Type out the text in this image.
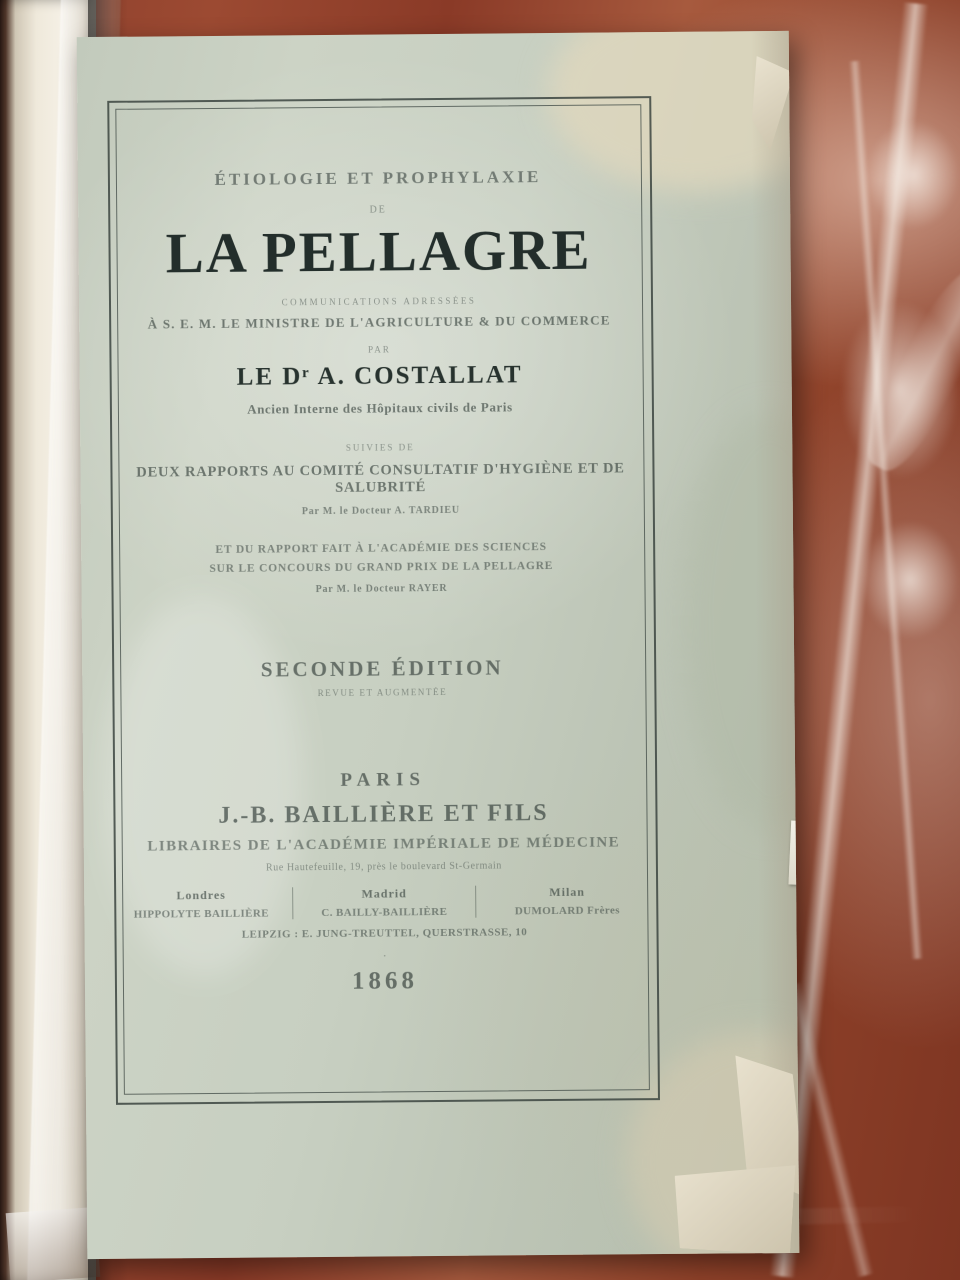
ÉTIOLOGIE ET PROPHYLAXIE
DE
LA PELLAGRE
COMMUNICATIONS ADRESSÉES
À S. E. M. LE MINISTRE DE L'AGRICULTURE & DU COMMERCE
PAR
LE Dʳ A. COSTALLAT
Ancien Interne des Hôpitaux civils de Paris
SUIVIES DE
DEUX RAPPORTS AU COMITÉ CONSULTATIF D'HYGIÈNE ET DE SALUBRITÉ
Par M. le Docteur A. TARDIEU
ET DU RAPPORT FAIT À L'ACADÉMIE DES SCIENCES
SUR LE CONCOURS DU GRAND PRIX DE LA PELLAGRE
Par M. le Docteur RAYER
SECONDE ÉDITION
REVUE ET AUGMENTÉE
PARIS
J.-B. BAILLIÈRE ET FILS
LIBRAIRES DE L'ACADÉMIE IMPÉRIALE DE MÉDECINE
Rue Hautefeuille, 19, près le boulevard St-Germain
Londres
HIPPOLYTE BAILLIÈRE
Madrid
C. BAILLY-BAILLIÈRE
Milan
DUMOLARD Frères
LEIPZIG : E. JUNG-TREUTTEL, QUERSTRASSE, 10
·
1868
